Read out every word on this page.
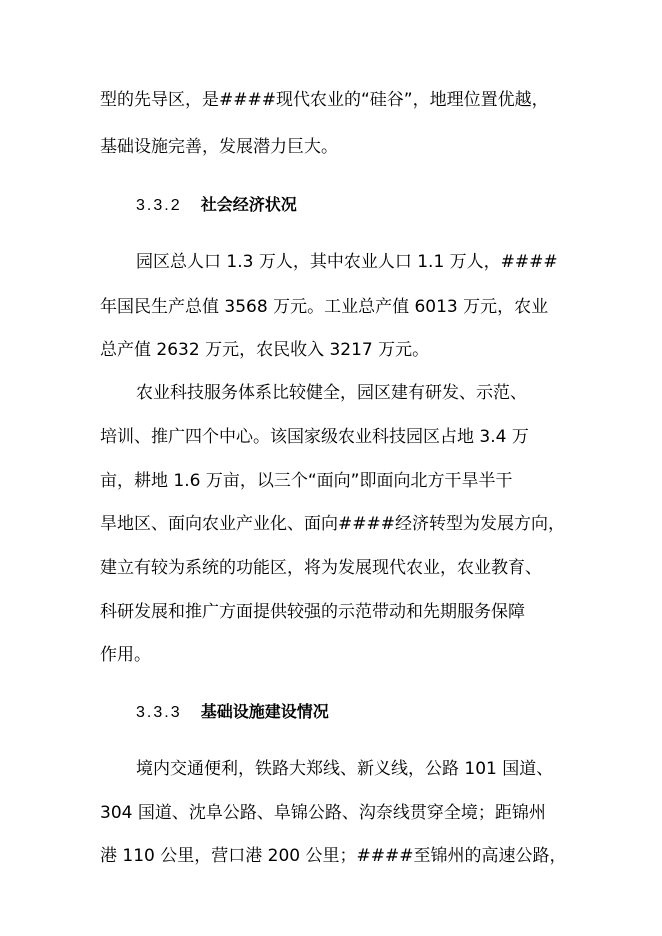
型的先导区，是####现代农业的“硅谷”，地理位置优越，

基础设施完善，发展潜力巨大。

3.3.2 社会经济状况

园区总人口 1.3 万人，其中农业人口 1.1 万人，####

年国民生产总值 3568 万元。工业总产值 6013 万元，农业

总产值 2632 万元，农民收入 3217 万元。

农业科技服务体系比较健全，园区建有研发、示范、

培训、推广四个中心。该国家级农业科技园区占地 3.4 万

亩，耕地 1.6 万亩，以三个“面向”即面向北方干旱半干

旱地区、面向农业产业化、面向####经济转型为发展方向，

建立有较为系统的功能区，将为发展现代农业，农业教育、

科研发展和推广方面提供较强的示范带动和先期服务保障

作用。

3.3.3 基础设施建设情况

境内交通便利，铁路大郑线、新义线，公路 101 国道、

304 国道、沈阜公路、阜锦公路、沟奈线贯穿全境；距锦州

港 110 公里，营口港 200 公里；####至锦州的高速公路，
